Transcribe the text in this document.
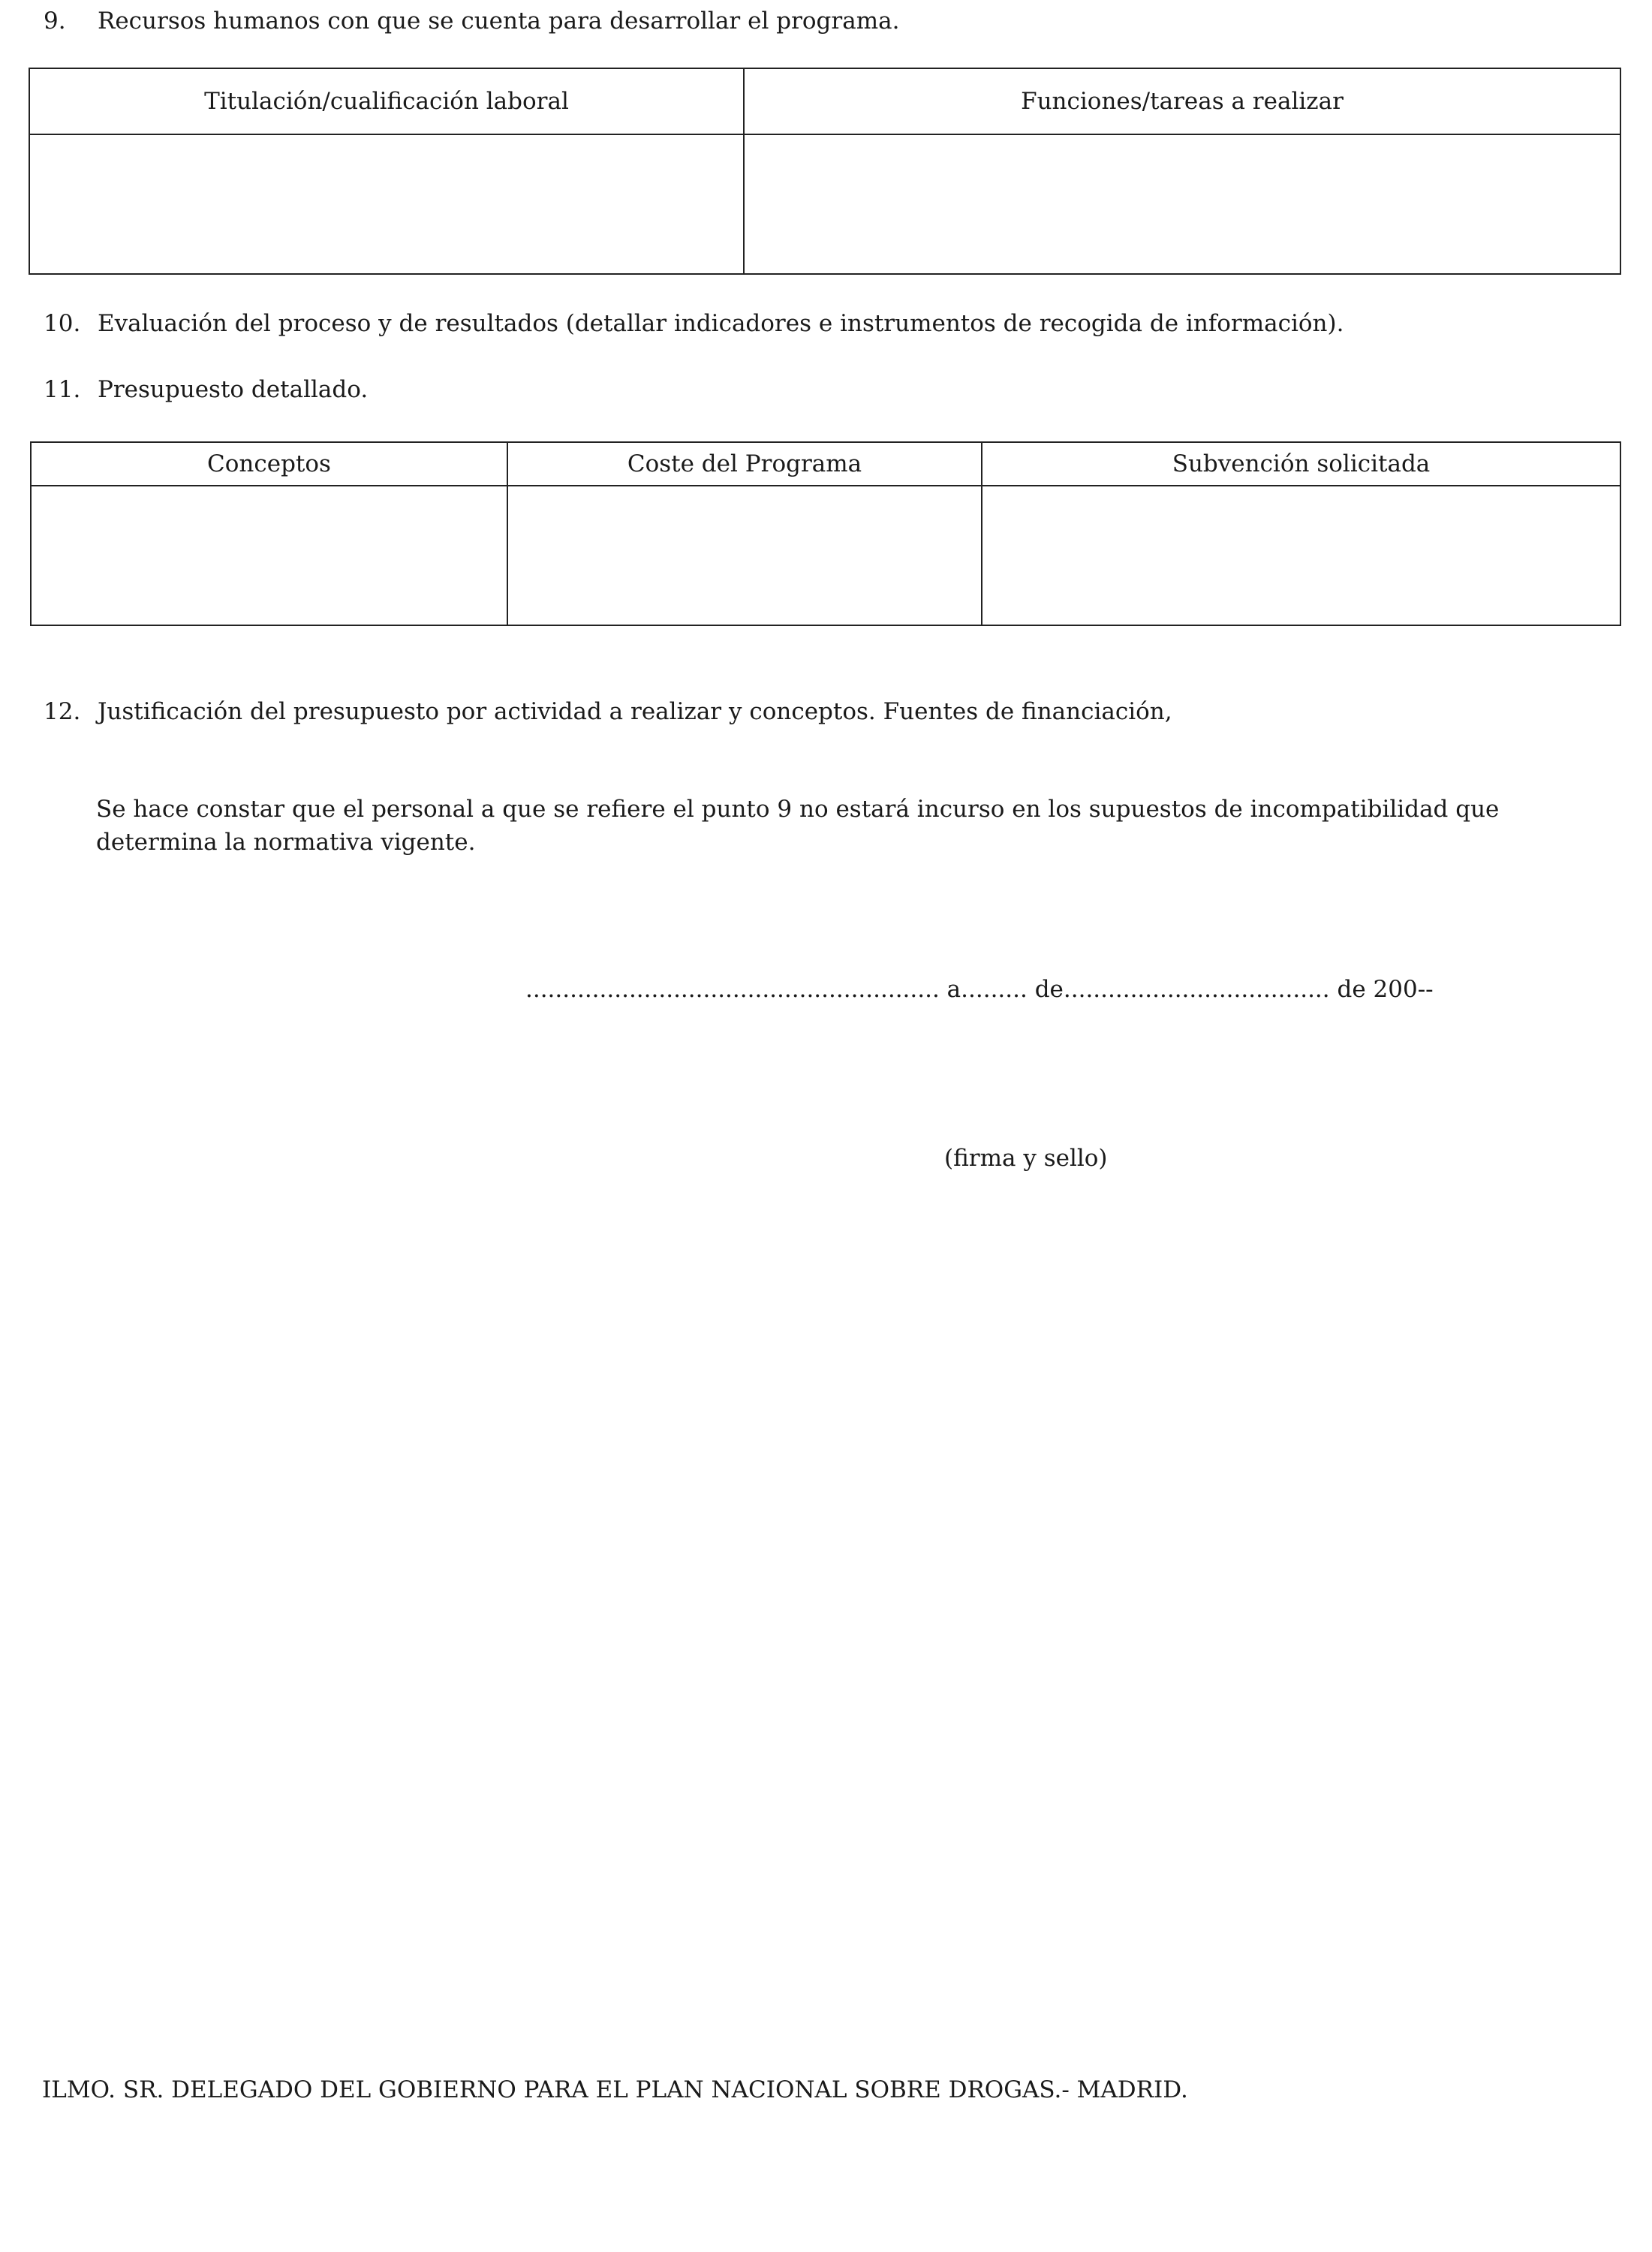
9. Recursos humanos con que se cuenta para desarrollar el programa.
Titulación/cualificación laboral	Funciones/tareas a realizar

10. Evaluación del proceso y de resultados (detallar indicadores e instrumentos de recogida de información).
11. Presupuesto detallado.
Conceptos	Coste del Programa	Subvención solicitada

12. Justificación del presupuesto por actividad a realizar y conceptos. Fuentes de financiación,
Se hace constar que el personal a que se refiere el punto 9 no estará incurso en los supuestos de incompatibilidad que determina la normativa vigente.
........................................................ a......... de.................................... de 200--
(firma y sello)
ILMO. SR. DELEGADO DEL GOBIERNO PARA EL PLAN NACIONAL SOBRE DROGAS.- MADRID.
